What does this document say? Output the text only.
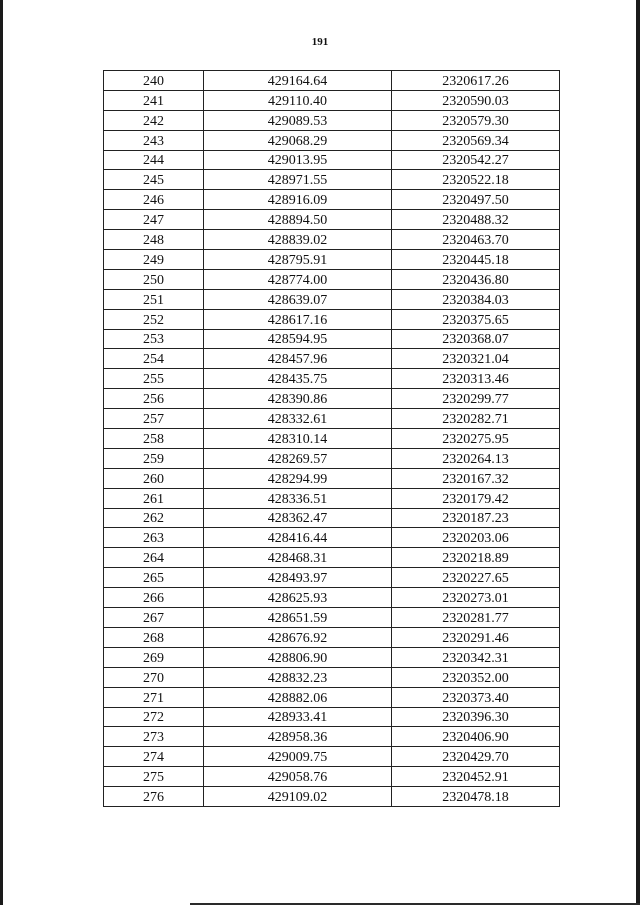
191
240	429164.64	2320617.26
241	429110.40	2320590.03
242	429089.53	2320579.30
243	429068.29	2320569.34
244	429013.95	2320542.27
245	428971.55	2320522.18
246	428916.09	2320497.50
247	428894.50	2320488.32
248	428839.02	2320463.70
249	428795.91	2320445.18
250	428774.00	2320436.80
251	428639.07	2320384.03
252	428617.16	2320375.65
253	428594.95	2320368.07
254	428457.96	2320321.04
255	428435.75	2320313.46
256	428390.86	2320299.77
257	428332.61	2320282.71
258	428310.14	2320275.95
259	428269.57	2320264.13
260	428294.99	2320167.32
261	428336.51	2320179.42
262	428362.47	2320187.23
263	428416.44	2320203.06
264	428468.31	2320218.89
265	428493.97	2320227.65
266	428625.93	2320273.01
267	428651.59	2320281.77
268	428676.92	2320291.46
269	428806.90	2320342.31
270	428832.23	2320352.00
271	428882.06	2320373.40
272	428933.41	2320396.30
273	428958.36	2320406.90
274	429009.75	2320429.70
275	429058.76	2320452.91
276	429109.02	2320478.18
